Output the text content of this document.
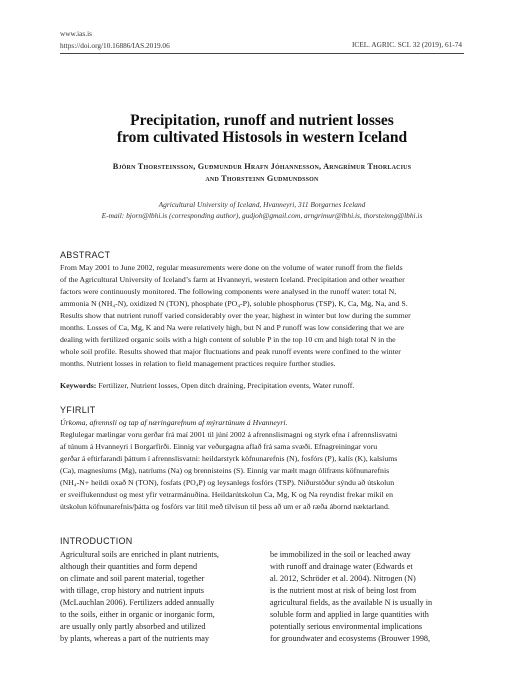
www.ias.is
https://doi.org/10.16886/IAS.2019.06	ICEL. AGRIC. SCI. 32 (2019), 61-74
Precipitation, runoff and nutrient losses
from cultivated Histosols in western Iceland
Björn Thorsteinsson, Guðmundur Hrafn Jóhannesson, Arngrímur Thorlacius
and Thorsteinn Gudmundsson
Agricultural University of Iceland, Hvanneyri, 311 Borgarnes Iceland
E-mail: bjorn@lbhi.is (corresponding author), gudjoh@gmail.com, arngrimur@lbhi.is, thorsteinng@lbhi.is
ABSTRACT
From May 2001 to June 2002, regular measurements were done on the volume of water runoff from the fields
of the Agricultural University of Iceland’s farm at Hvanneyri, western Iceland. Precipitation and other weather
factors were continuously monitored. The following components were analysed in the runoff water: total N,
ammonia N (NH₄-N), oxidized N (TON), phosphate (PO₄-P), soluble phosphorus (TSP), K, Ca, Mg, Na, and S.
Results show that nutrient runoff varied considerably over the year, highest in winter but low during the summer
months. Losses of Ca, Mg, K and Na were relatively high, but N and P runoff was low considering that we are
dealing with fertilized organic soils with a high content of soluble P in the top 10 cm and high total N in the
whole soil profile. Results showed that major fluctuations and peak runoff events were confined to the winter
months. Nutrient losses in relation to field management practices require further studies.
Keywords: Fertilizer, Nutrient losses, Open ditch draining, Precipitation events, Water runoff.
YFIRLIT
Úrkoma, afrennsli og tap af næringarefnum af mýrartúnum á Hvanneyri.
Reglulegar mælingar voru gerðar frá maí 2001 til júní 2002 á afrennslismagni og styrk efna í afrennslisvatni
af túnum á Hvanneyri í Borgarfirði. Einnig var veðurgagna aflað frá sama svæði. Efnagreiningar voru
gerðar á eftirfarandi þáttum í afrennslisvatni: heildarstyrk köfnunarefnis (N), fosfórs (P), kalís (K), kalsíums
(Ca), magnesíums (Mg), natríums (Na) og brennisteins (S). Einnig var mælt magn ólífræns köfnunarefnis
(NH₄-N+ heildi oxað N (TON), fosfats (PO₄P) og leysanlegs fosfórs (TSP). Niðurstöður sýndu að útskolun
er sveiflukenndust og mest yfir vetrarmánuðina. Heildarútskolun Ca, Mg, K og Na reyndist frekar mikil en
útskolun köfnunarefnis/þátta og fosfórs var lítil með tilvísun til þess að um er að ræða ábornd næktarland.
INTRODUCTION
Agricultural soils are enriched in plant nutrients,
although their quantities and form depend
on climate and soil parent material, together
with tillage, crop history and nutrient inputs
(McLauchlan 2006). Fertilizers added annually
to the soils, either in organic or inorganic form,
are usually only partly absorbed and utilized
by plants, whereas a part of the nutrients may
be immobilized in the soil or leached away
with runoff and drainage water (Edwards et
al. 2012, Schröder et al. 2004). Nitrogen (N)
is the nutrient most at risk of being lost from
agricultural fields, as the available N is usually in
soluble form and applied in large quantities with
potentially serious environmental implications
for groundwater and ecosystems (Brouwer 1998,
